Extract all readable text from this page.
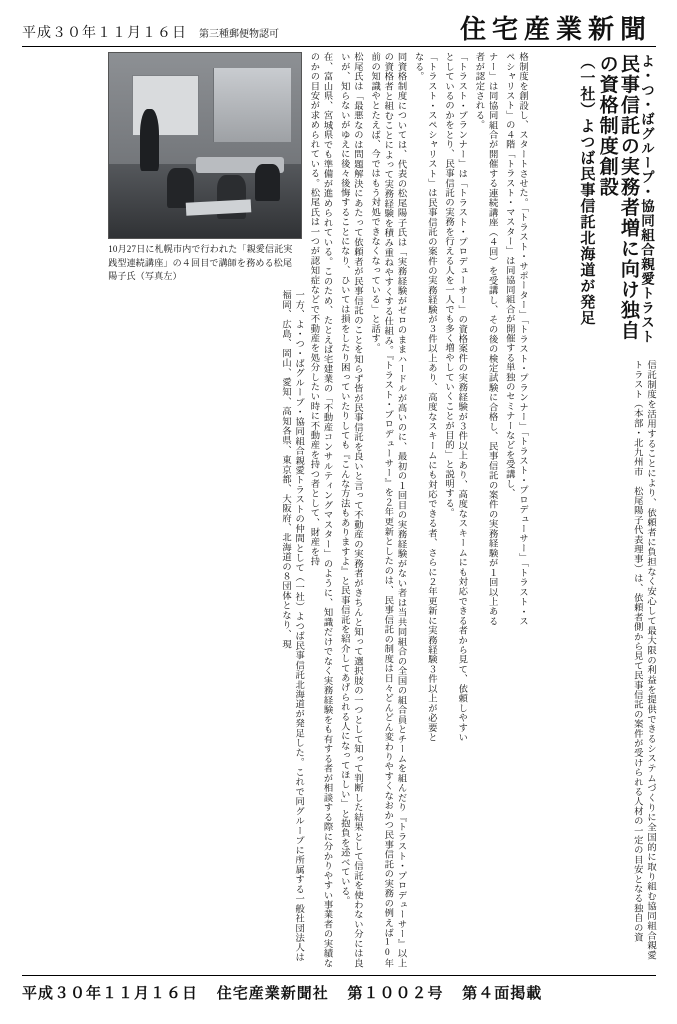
平成３０年１１月１６日 第三種郵便物認可	住宅産業新聞
よ・つ・ばグループ・協同組合親愛トラスト
民事信託の実務者増に向け独自の資格制度創設
（一社）よつば民事信託北海道が発足
信託制度を活用することにより、依頼者に負担なく安心して最大限の利益を提供できるシステムづくりに全国的に取り組む協同組合親愛トラスト（本部・北九州市　松尾陽子代表理事）は、依頼者側から見て民事信託の案件が受けられる人材の一定の目安となる独自の資
格制度を創設し、スタートさせた。「トラスト・サポーター」「トラスト・プランナー」「トラスト・プロデューサー」「トラスト・スペシャリスト」の４階「トラスト・マスター」は同協同組合が開催する単独のセミナーなどを受講し、
ナー」は同協同組合が開催する連続講座（４回）を受講し、その後の検定試験に合格し、民事信託の案件の実務経験が１回以上ある者が認定される。
「トラスト・プランナー」は「トラスト・プロデューサー」の資格案件の実務経験が３件以上あり、高度なスキームにも対応できる者から見て、依頼しやすいとしているのかをとり、民事信託の実務を行える人を一人でも多く増やしていくことが目的」と説明する。
「トラスト・スペシャリスト」は民事信託の案件の実務経験が３件以上あり、高度なスキームにも対応できる者、さらに２年更新に実務経験３件以上が必要となる。
同資格制度については、代表の松尾陽子氏は「実務経験がゼロのままハードルが高いのに、最初の１回目の実務経験がない者は当共同組合の全国の組合員とチームを組んだり『トラスト・プロデューサー』以上の資格者と組むことによって実務経験を積み重ねやすくする仕組み。『トラスト・プロデューサー』を２年更新としたのは、民事信託の制度は日々どんどん変わりやすくなおかつ民事信託の実務の例えば10年前の知識やとたえば、今ではもう対処できなくなっている」と話す。
松尾氏は「最悪なのは問題解決にあたって依頼者が民事信託のことを知らず皆が民事信託を良いと言って不動産の実務者がきちんと知って選択肢の一つとして知って判断した結果として信託を使わない分には良いが、知らないがゆえに後々後悔することになり、ひいては損をしたり困っていたりしても『こんな方法もありますよ』と民事信託を紹介してあげられる人になってほしい」と抱負を述べている。
在、富山県、宮城県でも準備が進められている。このため、たとえば宅建業の「不動産コンサルティングマスター」のように、知識だけでなく実務経験をも有する者が相談する際に分かりやすい事業者の実績なのかの目安が求められている。松尾氏は一つが認知症などで不動産を処分したい時に不動産を持つ者として、財産を持
10月27日に札幌市内で行われた「親愛信託実践型連続講座」の４回目で講師を務める松尾陽子氏（写真左）
一方、よ・つ・ばグループ・協同組合親愛トラストの仲間として（一社）よつば民事信託北海道が発足した。これで同グループに所属する一般社団法人は福岡、広島、岡山、愛知、高知各県、東京都、大阪府、北海道の８団体となり、現
平成３０年１１月１６日 住宅産業新聞社 第１００２号 第４面掲載
